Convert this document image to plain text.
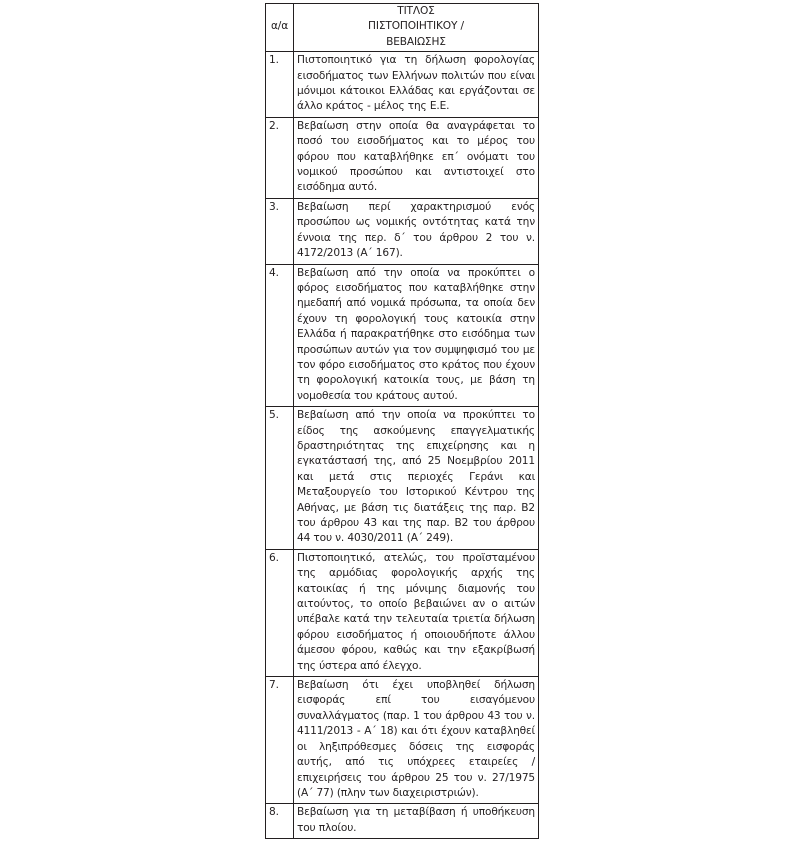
α/α	ΤΙΤΛΟΣ
ΠΙΣΤΟΠΟΙΗΤΙΚΟΥ /
ΒΕΒΑΙΩΣΗΣ

1.	Πιστοποιητικό για τη δήλωση φορολογίας εισοδήματος των Ελλήνων πολιτών που είναι μόνιμοι κάτοικοι Ελλάδας και εργάζονται σε άλλο κράτος - μέλος της Ε.Ε.
2.	Βεβαίωση στην οποία θα αναγράφεται το ποσό του εισοδήματος και το μέρος του φόρου που καταβλήθηκε επ΄ ονόματι του νομικού προσώπου και αντιστοιχεί στο εισόδημα αυτό.
3.	Βεβαίωση περί χαρακτηρισμού ενός προσώπου ως νομικής οντότητας κατά την έννοια της περ. δ΄ του άρθρου 2 του ν. 4172/2013 (Α΄ 167).
4.	Βεβαίωση από την οποία να προκύπτει ο φόρος εισοδήματος που καταβλήθηκε στην ημεδαπή από νομικά πρόσωπα, τα οποία δεν έχουν τη φορολογική τους κατοικία στην Ελλάδα ή παρακρατήθηκε στο εισόδημα των προσώπων αυτών για τον συμψηφισμό του με τον φόρο εισοδήματος στο κράτος που έχουν τη φορολογική κατοικία τους, με βάση τη νομοθεσία του κράτους αυτού.
5.	Βεβαίωση από την οποία να προκύπτει το είδος της ασκούμενης επαγγελματικής δραστηριότητας της επιχείρησης και η εγκατάστασή της, από 25 Νοεμβρίου 2011 και μετά στις περιοχές Γεράνι και Μεταξουργείο του Ιστορικού Κέντρου της Αθήνας, με βάση τις διατάξεις της παρ. Β2 του άρθρου 43 και της παρ. Β2 του άρθρου 44 του ν. 4030/2011 (Α΄ 249).
6.	Πιστοποιητικό, ατελώς, του προϊσταμένου της αρμόδιας φορολογικής αρχής της κατοικίας ή της μόνιμης διαμονής του αιτούντος, το οποίο βεβαιώνει αν ο αιτών υπέβαλε κατά την τελευταία τριετία δήλωση φόρου εισοδήματος ή οποιουδήποτε άλλου άμεσου φόρου, καθώς και την εξακρίβωσή της ύστερα από έλεγχο.
7.	Βεβαίωση ότι έχει υποβληθεί δήλωση εισφοράς επί του εισαγόμενου συναλλάγματος (παρ. 1 του άρθρου 43 του ν. 4111/2013 - Α΄ 18) και ότι έχουν καταβληθεί οι ληξιπρόθεσμες δόσεις της εισφοράς αυτής, από τις υπόχρεες εταιρείες / επιχειρήσεις του άρθρου 25 του ν. 27/1975 (Α΄ 77) (πλην των διαχειριστριών).
8.	Βεβαίωση για τη μεταβίβαση ή υποθήκευση του πλοίου.
